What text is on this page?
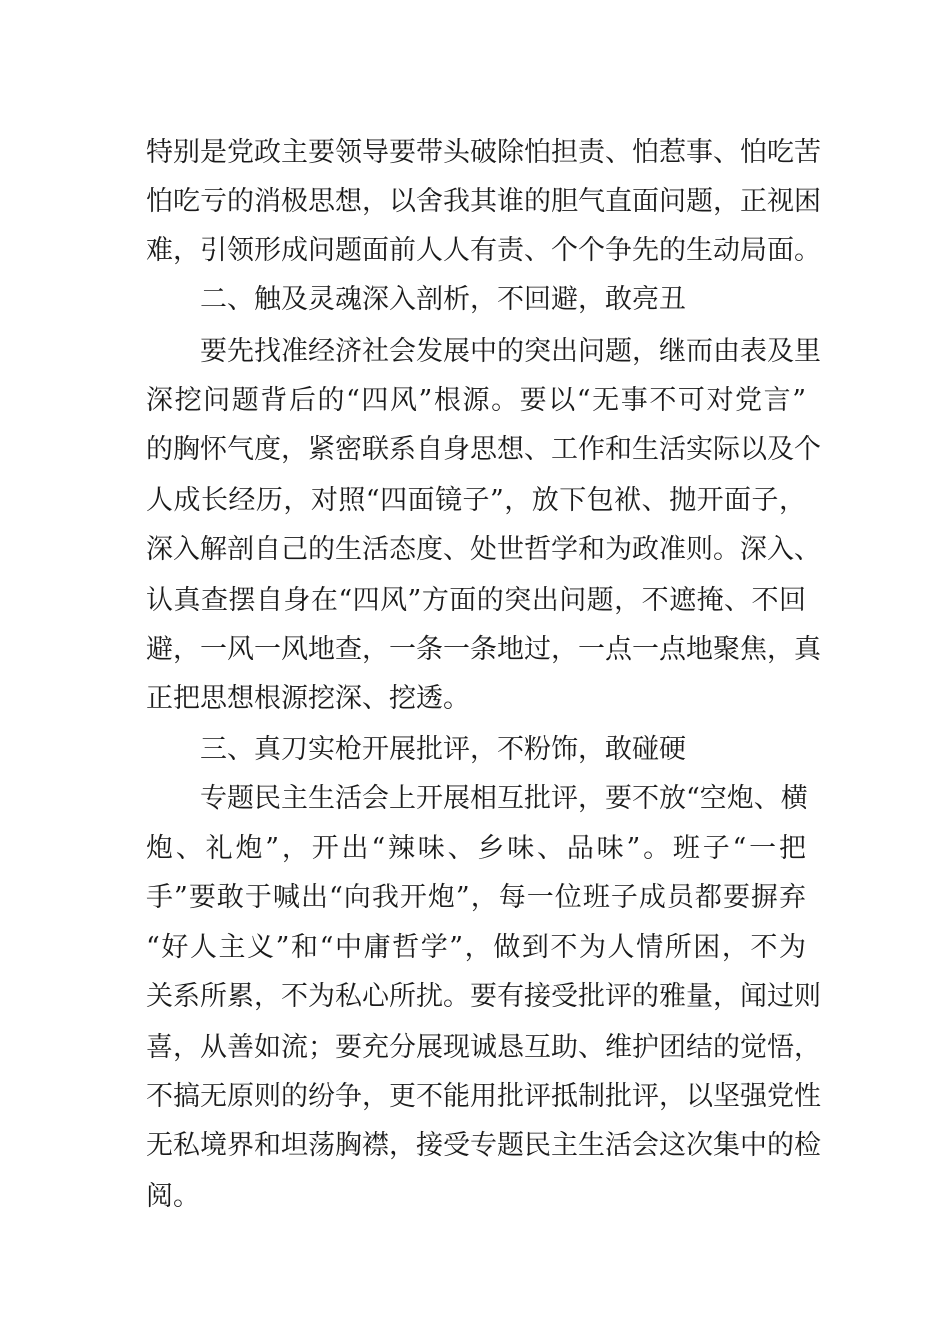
特别是党政主要领导要带头破除怕担责、怕惹事、怕吃苦
怕吃亏的消极思想，以舍我其谁的胆气直面问题，正视困
难，引领形成问题面前人人有责、个个争先的生动局面。
二、触及灵魂深入剖析，不回避，敢亮丑
要先找准经济社会发展中的突出问题，继而由表及里
深挖问题背后的“四风”根源。要以“无事不可对党言”
的胸怀气度，紧密联系自身思想、工作和生活实际以及个
人成长经历，对照“四面镜子”，放下包袱、抛开面子，
深入解剖自己的生活态度、处世哲学和为政准则。深入、
认真查摆自身在“四风”方面的突出问题，不遮掩、不回
避，一风一风地查，一条一条地过，一点一点地聚焦，真
正把思想根源挖深、挖透。
三、真刀实枪开展批评，不粉饰，敢碰硬
专题民主生活会上开展相互批评，要不放“空炮、横
炮、礼炮”，开出“辣味、乡味、品味”。班子“一把
手”要敢于喊出“向我开炮”，每一位班子成员都要摒弃
“好人主义”和“中庸哲学”，做到不为人情所困，不为
关系所累，不为私心所扰。要有接受批评的雅量，闻过则
喜，从善如流；要充分展现诚恳互助、维护团结的觉悟，
不搞无原则的纷争，更不能用批评抵制批评，以坚强党性
无私境界和坦荡胸襟，接受专题民主生活会这次集中的检
阅。
